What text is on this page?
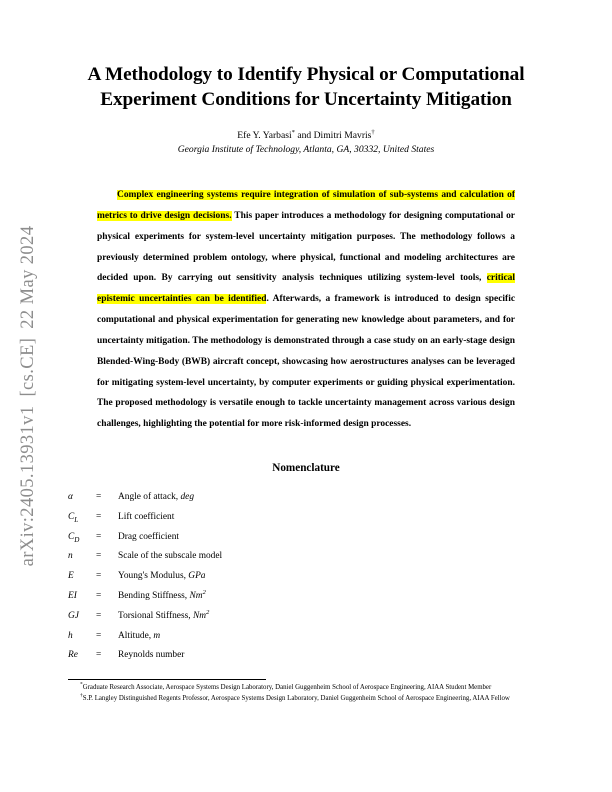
arXiv:2405.13931v1[cs.CE]22 May 2024
A Methodology to Identify Physical or Computational
Experiment Conditions for Uncertainty Mitigation

Efe Y. Yarbasi* and Dimitri Mavris†

Georgia Institute of Technology, Atlanta, GA, 30332, United States

Complex engineering systems require integration of simulation of sub-systems and calculation of metrics to drive design decisions. This paper introduces a methodology for designing computational or physical experiments for system-level uncertainty mitigation purposes. The methodology follows a previously determined problem ontology, where physical, functional and modeling architectures are decided upon. By carrying out sensitivity analysis techniques utilizing system-level tools, critical epistemic uncertainties can be identified. Afterwards, a framework is introduced to design specific computational and physical experimentation for generating new knowledge about parameters, and for uncertainty mitigation. The methodology is demonstrated through a case study on an early-stage design Blended-Wing-Body (BWB) aircraft concept, showcasing how aerostructures analyses can be leveraged for mitigating system-level uncertainty, by computer experiments or guiding physical experimentation. The proposed methodology is versatile enough to tackle uncertainty management across various design challenges, highlighting the potential for more risk-informed design processes.
Nomenclature
α	=	Angle of attack, deg
$C_L$	=	Lift coefficient
$C_D$	=	Drag coefficient
n	=	Scale of the subscale model
E	=	Young's Modulus, GPa
EI	=	Bending Stiffness, Nm$^2$
GJ	=	Torsional Stiffness, Nm$^2$
h	=	Altitude, m
Re	=	Reynolds number

*Graduate Research Associate, Aerospace Systems Design Laboratory, Daniel Guggenheim School of Aerospace Engineering, AIAA Student Member

†S.P. Langley Distinguished Regents Professor, Aerospace Systems Design Laboratory, Daniel Guggenheim School of Aerospace Engineering, AIAA Fellow
